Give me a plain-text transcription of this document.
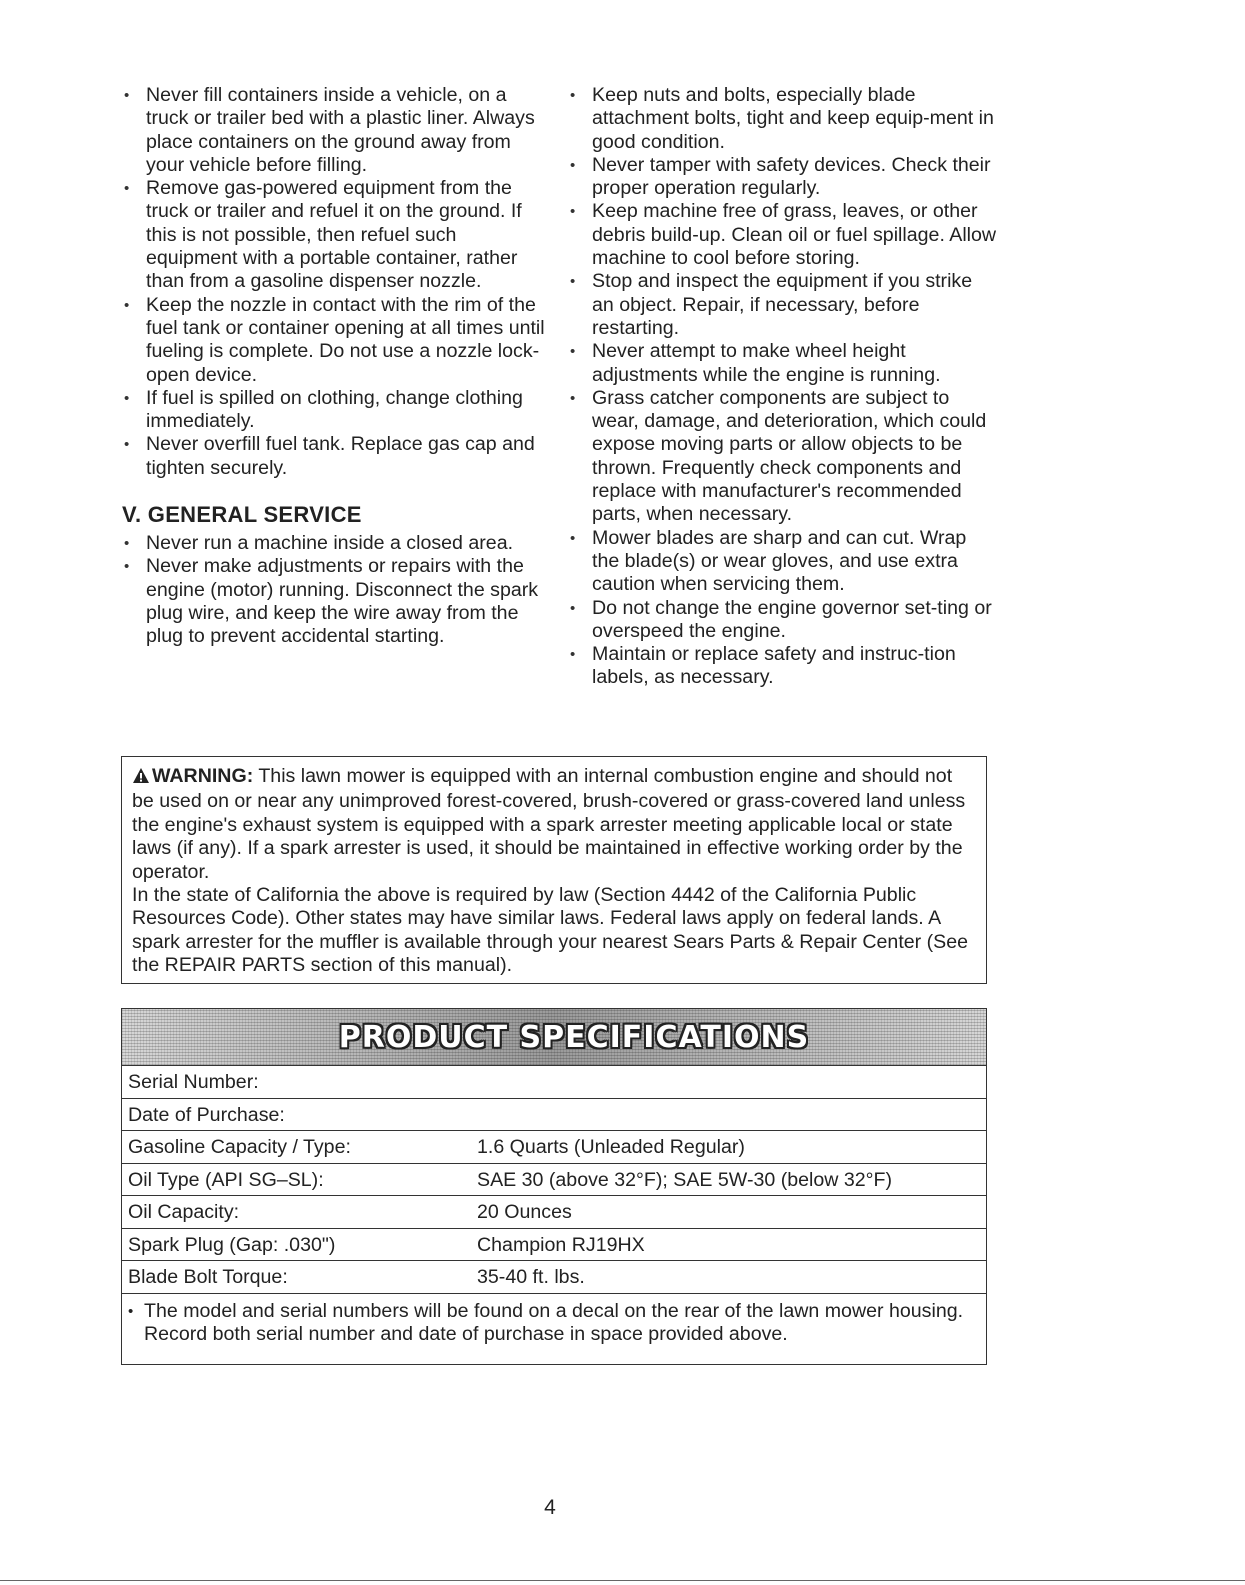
• Never fill containers inside a vehicle, on a truck or trailer bed with a plastic liner. Always place containers on the ground away from your vehicle before filling.
• Remove gas-powered equipment from the truck or trailer and refuel it on the ground. If this is not possible, then refuel such equipment with a portable container, rather than from a gasoline dispenser nozzle.
• Keep the nozzle in contact with the rim of the fuel tank or container opening at all times until fueling is complete. Do not use a nozzle lock-open device.
• If fuel is spilled on clothing, change clothing immediately.
• Never overfill fuel tank. Replace gas cap and tighten securely.
V. GENERAL SERVICE
• Never run a machine inside a closed area.
• Never make adjustments or repairs with the engine (motor) running. Disconnect the spark plug wire, and keep the wire away from the plug to prevent accidental starting.
• Keep nuts and bolts, especially blade attachment bolts, tight and keep equip-ment in good condition.
• Never tamper with safety devices. Check their proper operation regularly.
• Keep machine free of grass, leaves, or other debris build-up. Clean oil or fuel spillage. Allow machine to cool before storing.
• Stop and inspect the equipment if you strike an object. Repair, if necessary, before restarting.
• Never attempt to make wheel height adjustments while the engine is running.
• Grass catcher components are subject to wear, damage, and deterioration, which could expose moving parts or allow objects to be thrown. Frequently check components and replace with manufacturer's recommended parts, when necessary.
• Mower blades are sharp and can cut. Wrap the blade(s) or wear gloves, and use extra caution when servicing them.
• Do not change the engine governor set-ting or overspeed the engine.
• Maintain or replace safety and instruc-tion labels, as necessary.
WARNING: This lawn mower is equipped with an internal combustion engine and should not be used on or near any unimproved forest-covered, brush-covered or grass-covered land unless the engine's exhaust system is equipped with a spark arrester meeting applicable local or state laws (if any). If a spark arrester is used, it should be maintained in effective working order by the operator.
In the state of California the above is required by law (Section 4442 of the California Public Resources Code). Other states may have similar laws. Federal laws apply on federal lands. A spark arrester for the muffler is available through your nearest Sears Parts & Repair Center (See the REPAIR PARTS section of this manual).
PRODUCT SPECIFICATIONS
Serial Number:
Date of Purchase:
Gasoline Capacity / Type:	1.6 Quarts (Unleaded Regular)
Oil Type (API SG–SL):	SAE 30 (above 32°F); SAE 5W-30 (below 32°F)
Oil Capacity:	20 Ounces
Spark Plug (Gap: .030")	Champion RJ19HX
Blade Bolt Torque:	35-40 ft. lbs.
• The model and serial numbers will be found on a decal on the rear of the lawn mower housing. Record both serial number and date of purchase in space provided above.
4
